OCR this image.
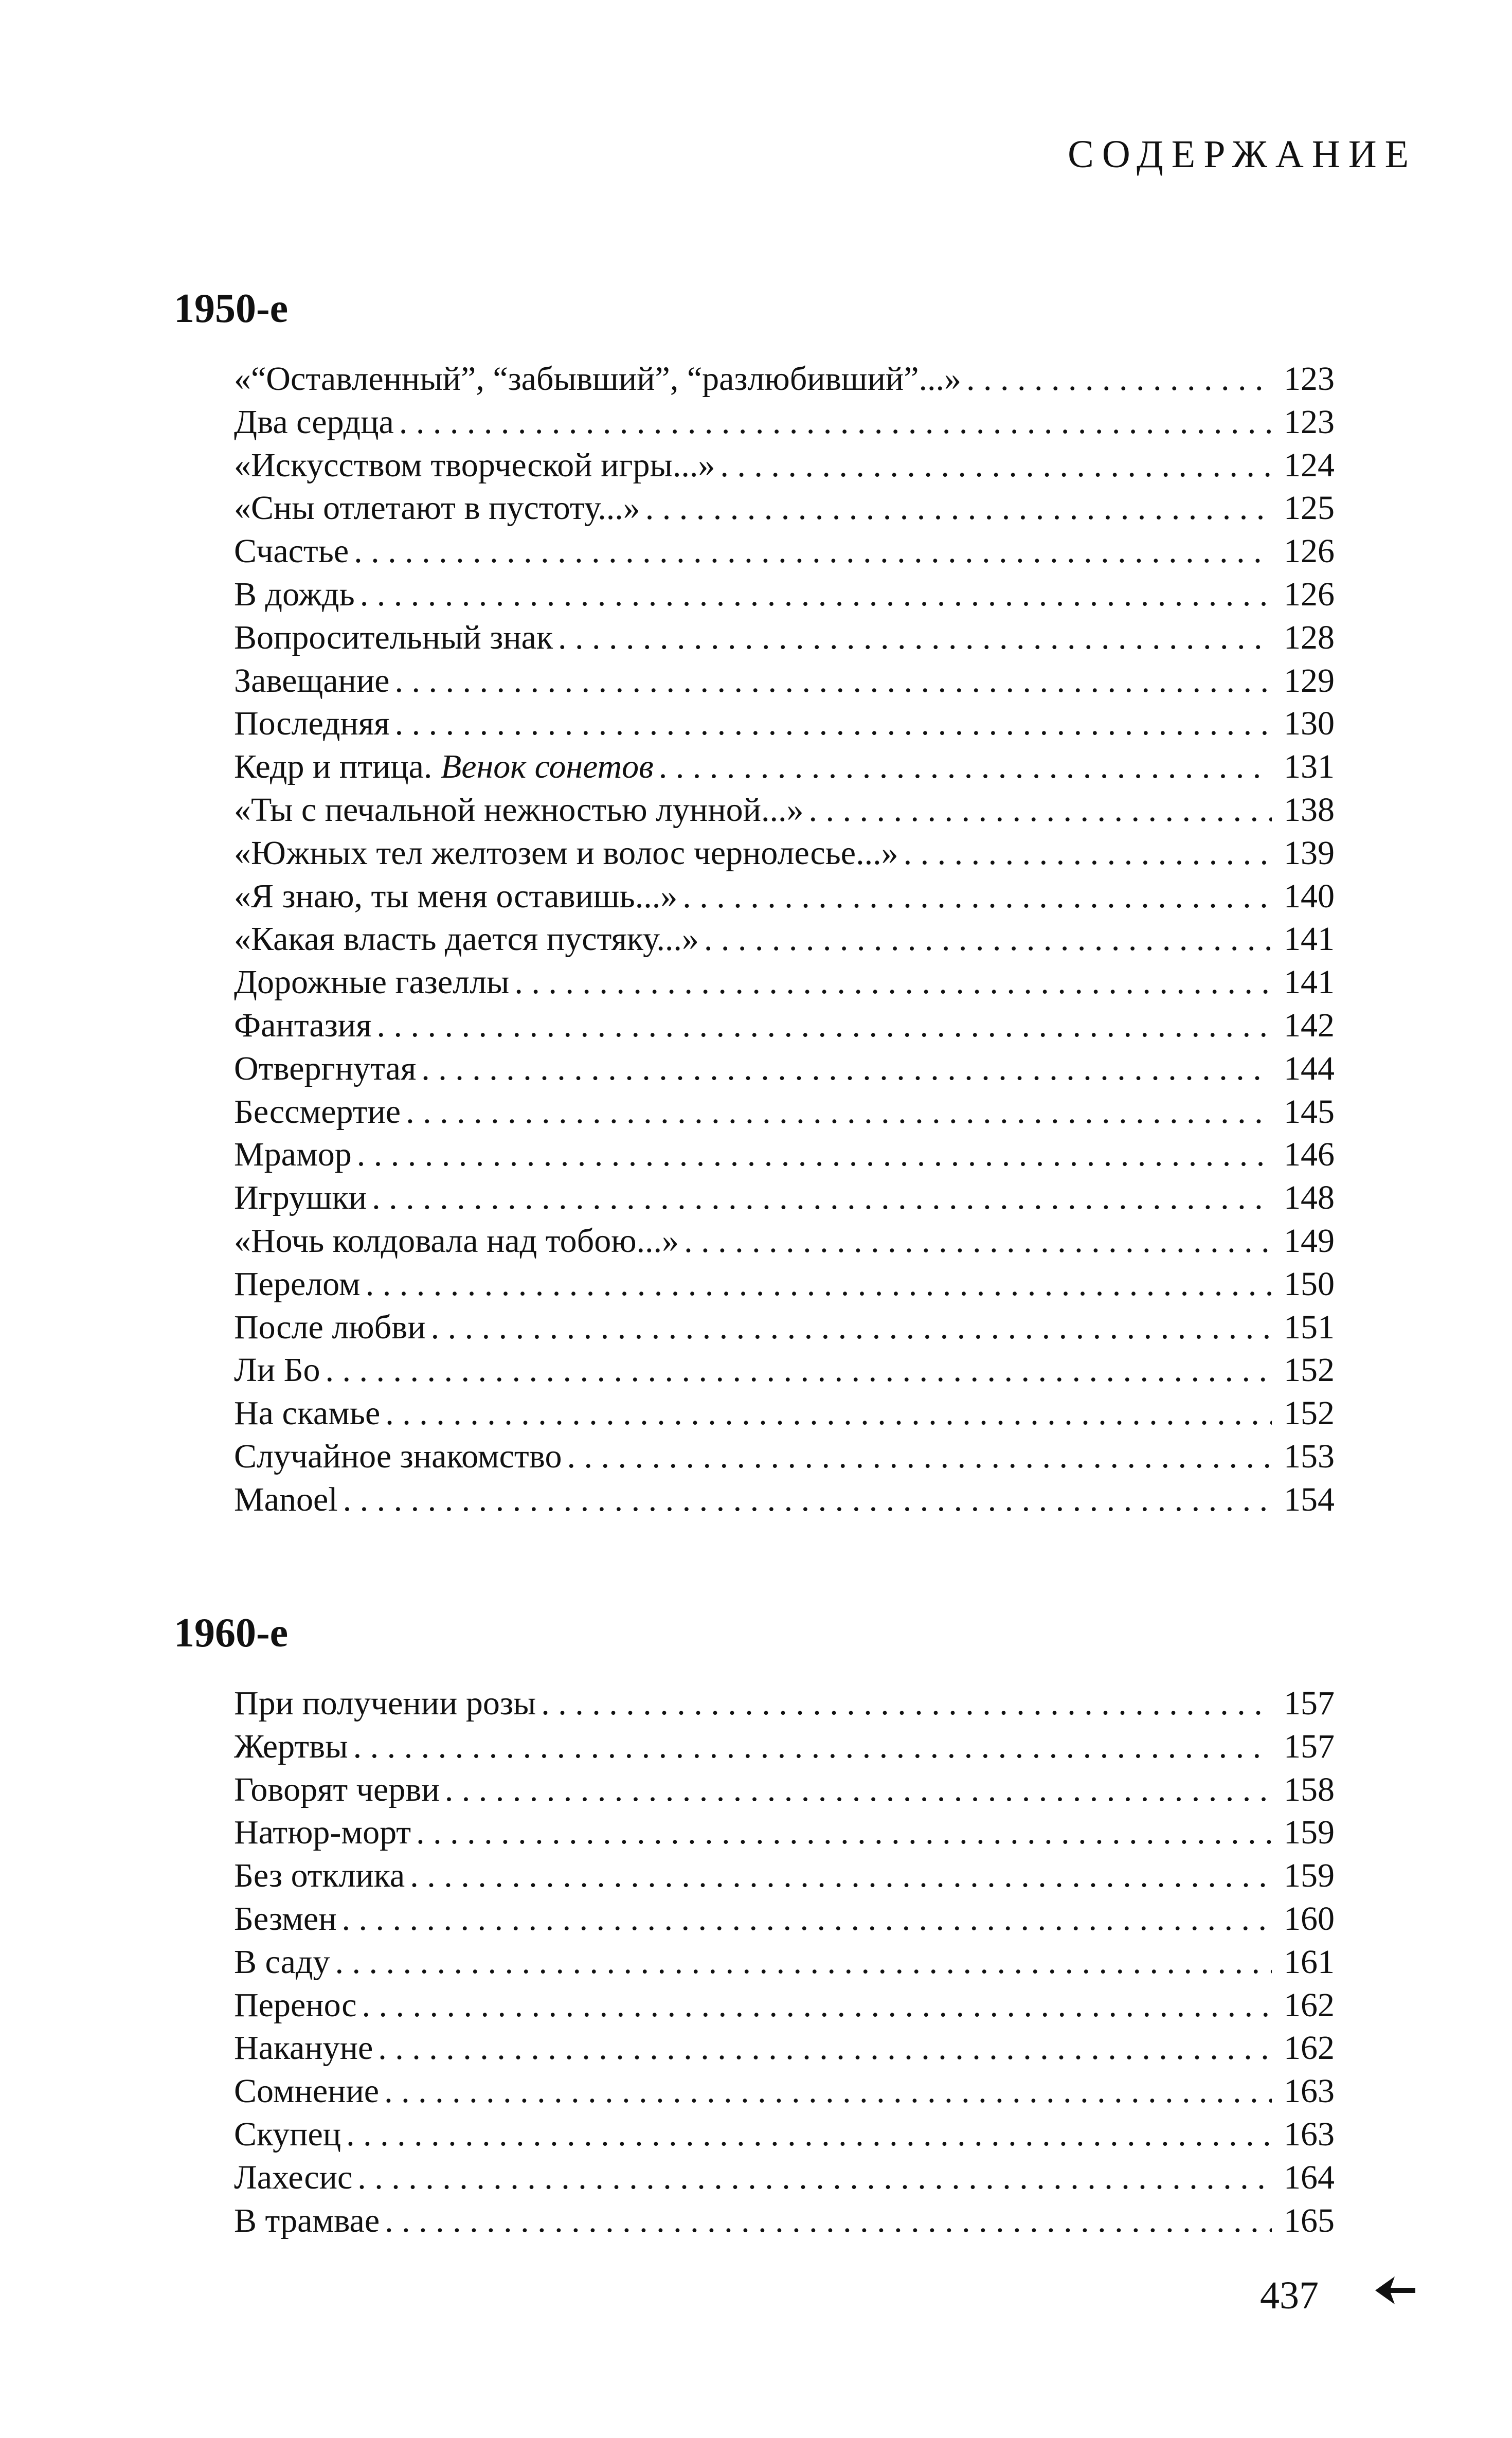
СОДЕРЖАНИЕ
1950-е
«“Оставленный”, “забывший”, “разлюбивший”...» . . .	123
Два сердца . . .	123
«Искусством творческой игры...» . . .	124
«Сны отлетают в пустоту...» . . .	125
Счастье . . .	126
В дождь . . .	126
Вопросительный знак . . .	128
Завещание . . .	129
Последняя . . .	130
Кедр и птица. Венок сонетов . . .	131
«Ты с печальной нежностью лунной...» . . .	138
«Южных тел желтозем и волос чернолесье...» . . .	139
«Я знаю, ты меня оставишь...» . . .	140
«Какая власть дается пустяку...» . . .	141
Дорожные газеллы . . .	141
Фантазия . . .	142
Отвергнутая . . .	144
Бессмертие . . .	145
Мрамор . . .	146
Игрушки . . .	148
«Ночь колдовала над тобою...» . . .	149
Перелом . . .	150
После любви . . .	151
Ли Бо . . .	152
На скамье . . .	152
Случайное знакомство . . .	153
Manoel . . .	154
1960-е
При получении розы . . .	157
Жертвы . . .	157
Говорят черви . . .	158
Натюр-морт . . .	159
Без отклика . . .	159
Безмен . . .	160
В саду . . .	161
Перенос . . .	162
Накануне . . .	162
Сомнение . . .	163
Скупец . . .	163
Лахесис . . .	164
В трамвае . . .	165
437
